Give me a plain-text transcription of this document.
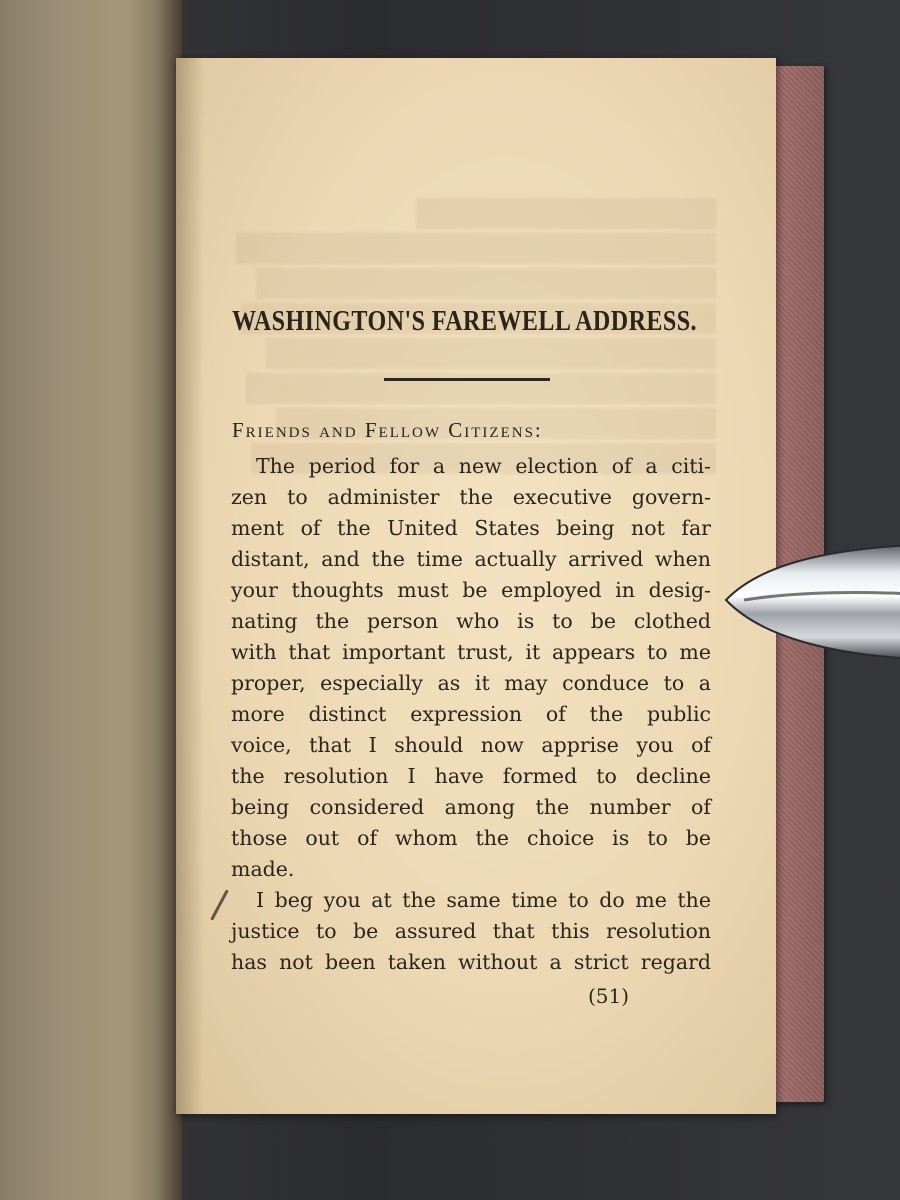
WASHINGTON'S FAREWELL ADDRESS.
Friends and Fellow Citizens:
The period for a new election of a citi-
zen to administer the executive govern-
ment of the United States being not far
distant, and the time actually arrived when
your thoughts must be employed in desig-
nating the person who is to be clothed
with that important trust, it appears to me
proper, especially as it may conduce to a
more distinct expression of the public
voice, that I should now apprise you of
the resolution I have formed to decline
being considered among the number of
those out of whom the choice is to be
made.
I beg you at the same time to do me the
justice to be assured that this resolution
has not been taken without a strict regard
(51)
